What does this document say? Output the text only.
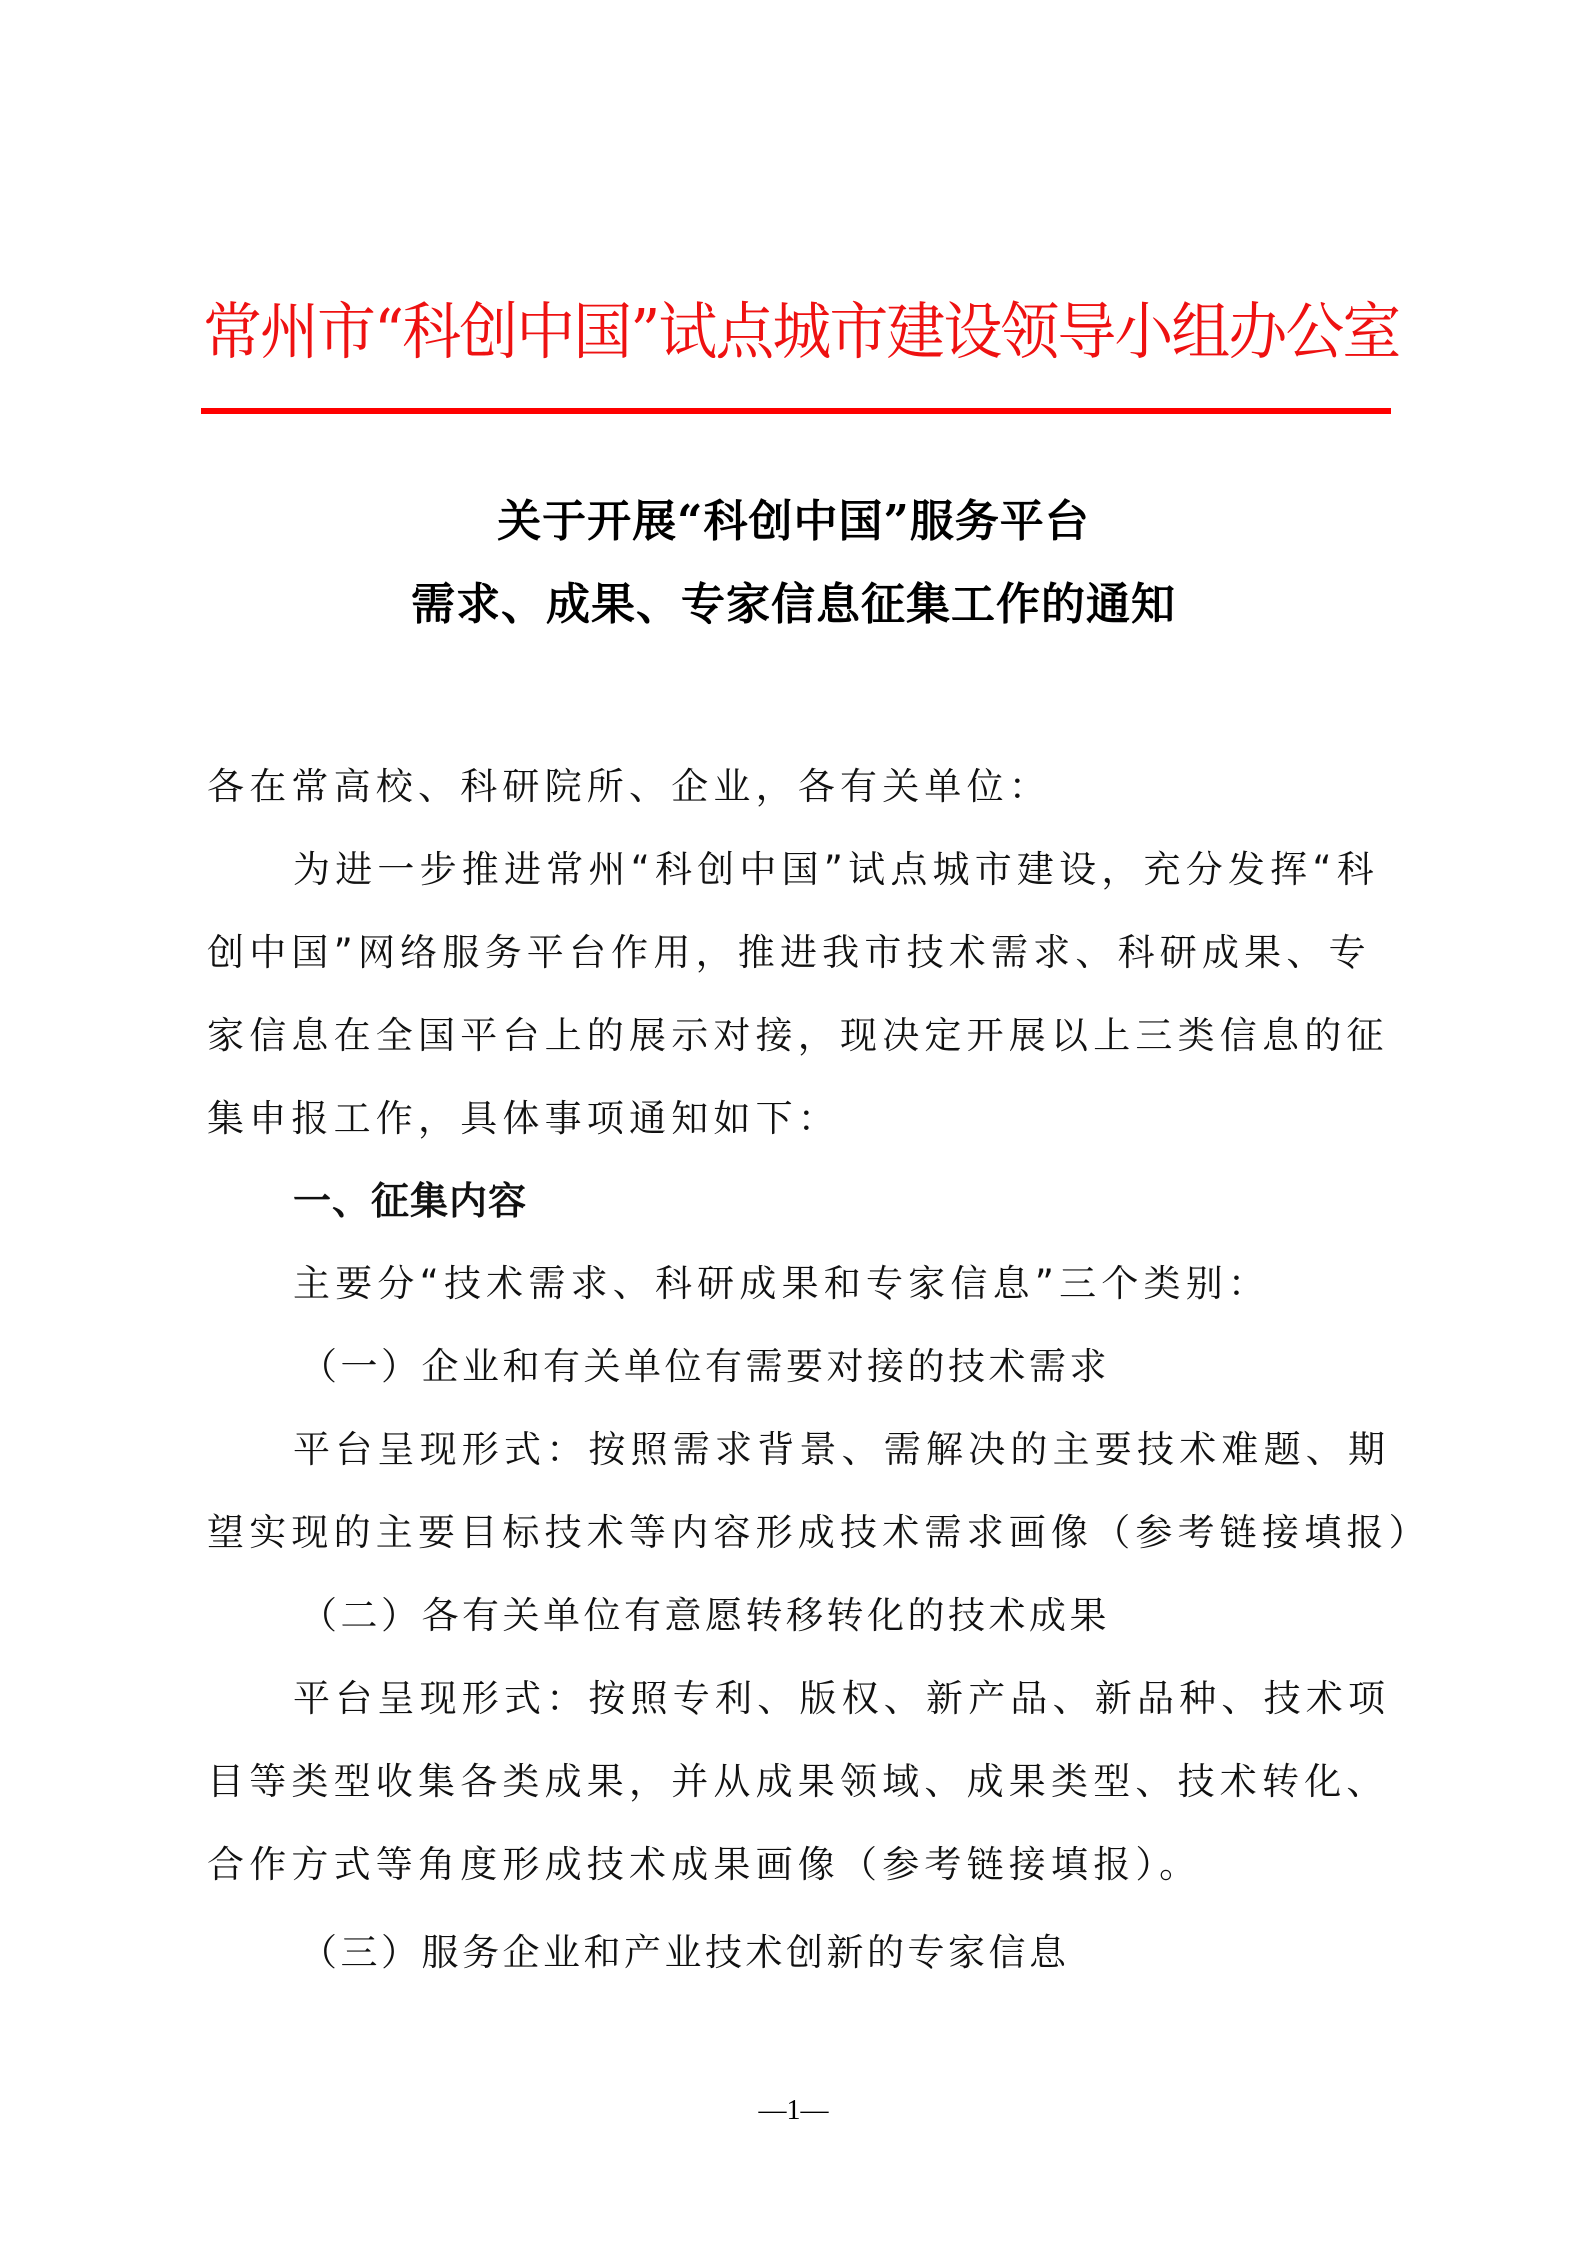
常州市“科创中国”试点城市建设领导小组办公室
关于开展“科创中国”服务平台
需求、成果、专家信息征集工作的通知
各在常高校、科研院所、企业，各有关单位：
为进一步推进常州“科创中国”试点城市建设，充分发挥“科
创中国”网络服务平台作用，推进我市技术需求、科研成果、专
家信息在全国平台上的展示对接，现决定开展以上三类信息的征
集申报工作，具体事项通知如下：
一、征集内容
主要分“技术需求、科研成果和专家信息”三个类别：
（一）企业和有关单位有需要对接的技术需求
平台呈现形式：按照需求背景、需解决的主要技术难题、期
望实现的主要目标技术等内容形成技术需求画像（参考链接填报）
（二）各有关单位有意愿转移转化的技术成果
平台呈现形式：按照专利、版权、新产品、新品种、技术项
目等类型收集各类成果，并从成果领域、成果类型、技术转化、
合作方式等角度形成技术成果画像（参考链接填报）。
（三）服务企业和产业技术创新的专家信息
—1—
